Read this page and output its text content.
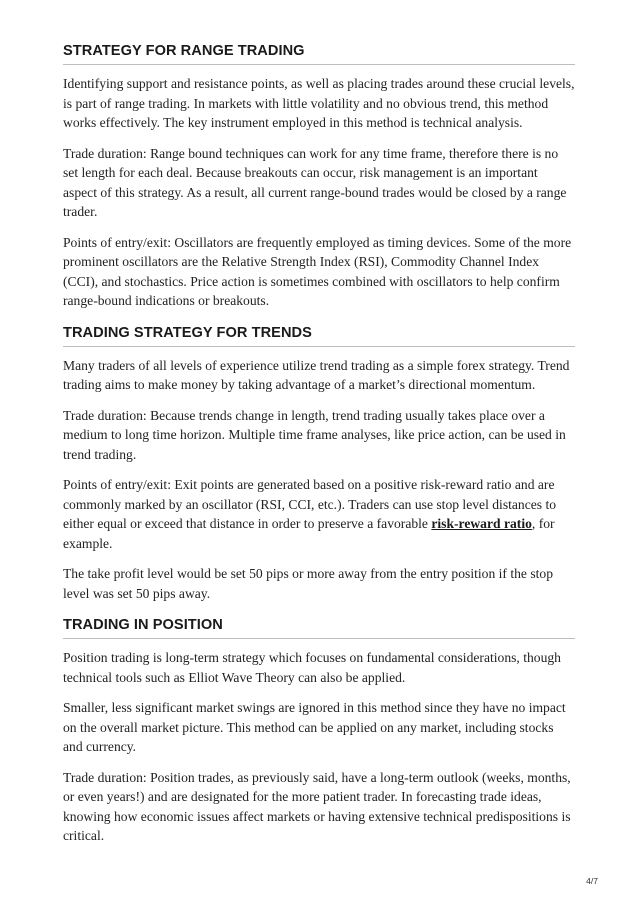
STRATEGY FOR RANGE TRADING

Identifying support and resistance points, as well as placing trades around these crucial levels, is part of range trading. In markets with little volatility and no obvious trend, this method works effectively. The key instrument employed in this method is technical analysis.

Trade duration: Range bound techniques can work for any time frame, therefore there is no set length for each deal. Because breakouts can occur, risk management is an important aspect of this strategy. As a result, all current range-bound trades would be closed by a range trader.

Points of entry/exit: Oscillators are frequently employed as timing devices. Some of the more prominent oscillators are the Relative Strength Index (RSI), Commodity Channel Index (CCI), and stochastics. Price action is sometimes combined with oscillators to help confirm range-bound indications or breakouts.

TRADING STRATEGY FOR TRENDS

Many traders of all levels of experience utilize trend trading as a simple forex strategy. Trend trading aims to make money by taking advantage of a market’s directional momentum.

Trade duration: Because trends change in length, trend trading usually takes place over a medium to long time horizon. Multiple time frame analyses, like price action, can be used in trend trading.

Points of entry/exit: Exit points are generated based on a positive risk-reward ratio and are commonly marked by an oscillator (RSI, CCI, etc.). Traders can use stop level distances to either equal or exceed that distance in order to preserve a favorable risk-reward ratio, for example.

The take profit level would be set 50 pips or more away from the entry position if the stop level was set 50 pips away.

TRADING IN POSITION

Position trading is long-term strategy which focuses on fundamental considerations, though technical tools such as Elliot Wave Theory can also be applied.

Smaller, less significant market swings are ignored in this method since they have no impact on the overall market picture. This method can be applied on any market, including stocks and currency.

Trade duration: Position trades, as previously said, have a long-term outlook (weeks, months, or even years!) and are designated for the more patient trader. In forecasting trade ideas, knowing how economic issues affect markets or having extensive technical predispositions is critical.

4/7
